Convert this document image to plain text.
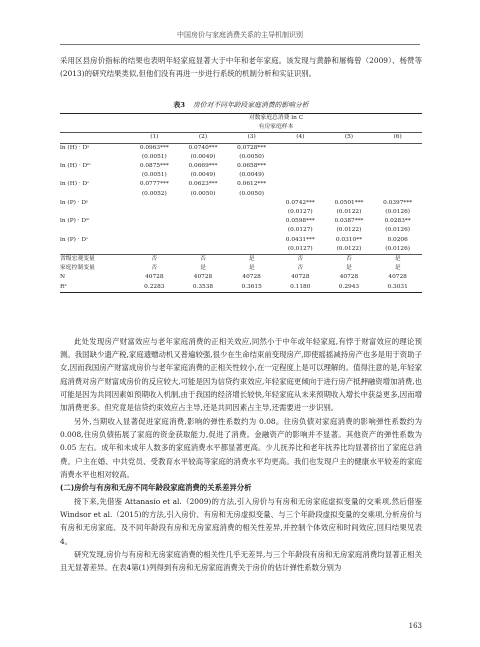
中国房价与家庭消费关系的主导机制识别

采用区县房价指标的结果也表明年轻家庭显著大于中年和老年家庭。该发现与黄静和屠梅曾（2009）、杨赞等(2013)的研究结果类似,但他们没有再进一步进行系统的机制分析和实证识别。

表3 房价对不同年龄段家庭消费的影响分析
	对数家庭总消费 ln C					
	有房家庭样本					
	(1)	(2)	(3)	(4)	(5)	(6)
ln (H) · Dʸ	0.0963***	0.0740***	0.0728***			
	(0.0051)	(0.0049)	(0.0050)			
ln (H) · Dᵐ	0.0875***	0.0669***	0.0658***			
	(0.0051)	(0.0049)	(0.0049)			
ln (H) · Dᵒ	0.0777***	0.0623***	0.0612***			
	(0.0052)	(0.0050)	(0.0050)			
ln (P) · Dʸ				0.0742***	0.0501***	0.0397***
				(0.0127)	(0.0122)	(0.0126)
ln (P) · Dᵐ				0.0598***	0.0387***	0.0283**
				(0.0127)	(0.0122)	(0.0126)
ln (P) · Dᵒ				0.0431***	0.0310**	0.0206
				(0.0127)	(0.0122)	(0.0126)
省级宏观变量	否	否	是	否	否	是
家庭控制变量	否	是	是	否	是	是
N	40728	40728	40728	40728	40728	40728
R²	0.2283	0.3538	0.3615	0.1180	0.2943	0.3031

此处发现房产财富效应与老年家庭消费的正相关效应,同然小于中年或年轻家庭,有悖于财富效应的理论预测。我国缺少遗产税,家庭遗赠动机又普遍较强,很少在生命结束前变现房产,即使摇摇减持房产也多是用于资助子女,因而我国房产财富成房价与老年家庭消费的正相关性较小,在一定程度上是可以理解的。值得注意的是,年轻家庭消费对房产财富成房价的反应较大,可能是因为信贷约束效应,年轻家庭更倾向于进行房产抵押融资增加消费,也可能是因为共同因素如预期收入机制,由于我国的经济增长较快,年轻家庭从未来预期收入增长中获益更多,因而增加消费更多。但究竟是信贷约束效应占主导,还是共同因素占主导,还需要进一步识别。

另外,当期收入显著促进家庭消费,影响的弹性系数约为 0.08。住房负债对家庭消费的影响弹性系数约为 0.008,住房负债拓展了家庭的资金获取能力,促进了消费。金融资产的影响并不显著。其他资产的弹性系数为 0.05 左右。成年和未成年人数多的家庭消费水平都显著更高。少儿抚养比和老年抚养比均显著挤出了家庭总消费。户主在婚、中共党员、受教育水平较高等家庭的消费水平均更高。我们也发现户主的健康水平较差的家庭消费水平也相对较高。

(二)房价与有房和无房不同年龄段家庭消费的关系差异分析

接下来,先借鉴 Attanasio et al.（2009)的方法,引入房价与有房和无房家庭虚拟变量的交乘项,然后借鉴 Windsor et al.（2015)的方法,引入房价、有房和无房虚拟变量、与三个年龄段虚拟变量的交乘项,分析房价与有房和无房家庭、及不同年龄段有房和无房家庭消费的相关性差异,并控制个体效应和时间效应,回归结果见表4。

研究发现,房价与有房和无房家庭消费的相关性几乎无差异,与三个年龄段有房和无房家庭消费均显著正相关且无显著差异。在表4第(1)列得到有房和无房家庭消费关于房价的估计弹性系数分别为

163
